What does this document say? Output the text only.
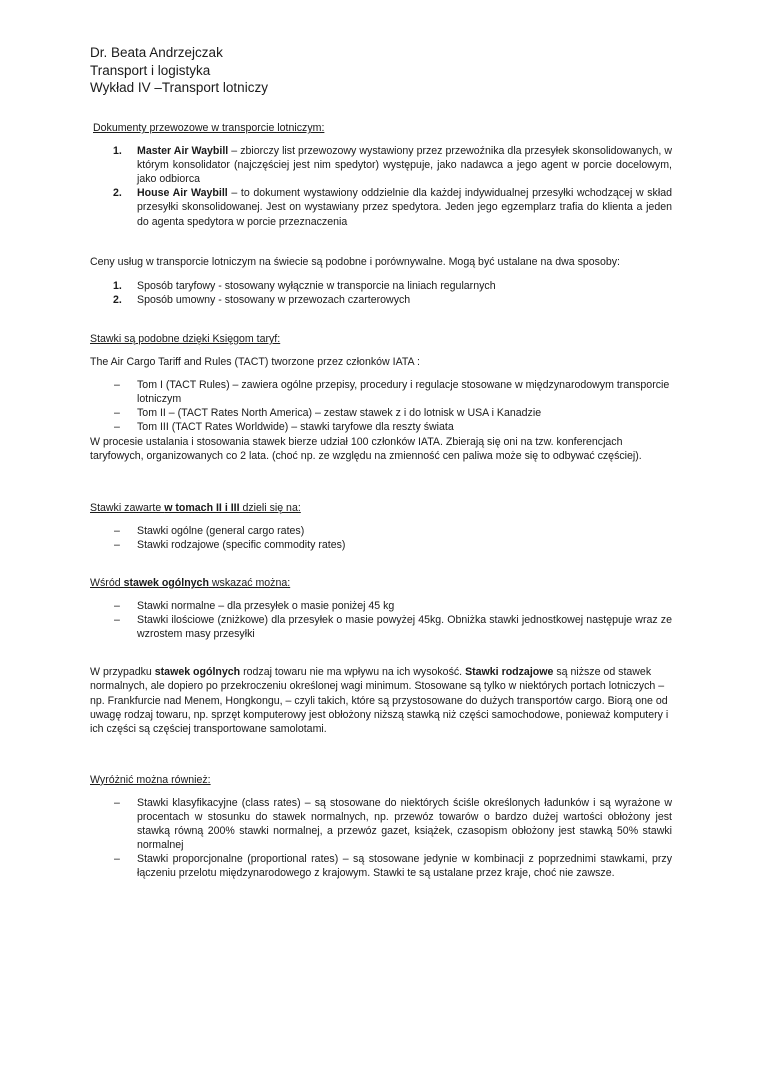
Dr. Beata Andrzejczak
Transport i logistyka
Wykład IV –Transport lotniczy

Dokumenty przewozowe w transporcie lotniczym:

1. Master Air Waybill – zbiorczy list przewozowy wystawiony przez przewoźnika dla przesyłek skonsolidowanych, w którym konsolidator (najczęściej jest nim spedytor) występuje, jako nadawca a jego agent w porcie docelowym, jako odbiorca
2. House Air Waybill – to dokument wystawiony oddzielnie dla każdej indywidualnej przesyłki wchodzącej w skład przesyłki skonsolidowanej. Jest on wystawiany przez spedytora. Jeden jego egzemplarz trafia do klienta a jeden do agenta spedytora w porcie przeznaczenia

Ceny usług w transporcie lotniczym na świecie są podobne i porównywalne. Mogą być ustalane na dwa sposoby:

1. Sposób taryfowy - stosowany wyłącznie w transporcie na liniach regularnych
2. Sposób umowny - stosowany w przewozach czarterowych

Stawki są podobne dzięki Księgom taryf:

The Air Cargo Tariff and Rules (TACT) tworzone przez członków IATA :

– Tom I (TACT Rules) – zawiera ogólne przepisy, procedury i regulacje stosowane w międzynarodowym transporcie lotniczym
– Tom II – (TACT Rates North America) – zestaw stawek z i do lotnisk w USA i Kanadzie
– Tom III (TACT Rates Worldwide) – stawki taryfowe dla reszty świata

W procesie ustalania i stosowania stawek bierze udział 100 członków IATA. Zbierają się oni na tzw. konferencjach taryfowych, organizowanych co 2 lata. (choć np. ze względu na zmienność cen paliwa może się to odbywać częściej).

Stawki zawarte w tomach II i III dzieli się na:

– Stawki ogólne (general cargo rates)
– Stawki rodzajowe (specific commodity rates)

Wśród stawek ogólnych wskazać można:

– Stawki normalne – dla przesyłek o masie poniżej 45 kg
– Stawki ilościowe (zniżkowe) dla przesyłek o masie powyżej 45kg. Obniżka stawki jednostkowej następuje wraz ze wzrostem masy przesyłki

W przypadku stawek ogólnych rodzaj towaru nie ma wpływu na ich wysokość. Stawki rodzajowe są niższe od stawek normalnych, ale dopiero po przekroczeniu określonej wagi minimum. Stosowane są tylko w niektórych portach lotniczych – np. Frankfurcie nad Menem, Hongkongu, – czyli takich, które są przystosowane do dużych transportów cargo. Biorą one od uwagę rodzaj towaru, np. sprzęt komputerowy jest obłożony niższą stawką niż części samochodowe, ponieważ komputery i ich części są częściej transportowane samolotami.

Wyróżnić można również:

– Stawki klasyfikacyjne (class rates) – są stosowane do niektórych ściśle określonych ładunków i są wyrażone w procentach w stosunku do stawek normalnych, np. przewóz towarów o bardzo dużej wartości obłożony jest stawką równą 200% stawki normalnej, a przewóz gazet, książek, czasopism obłożony jest stawką 50% stawki normalnej
– Stawki proporcjonalne (proportional rates) – są stosowane jedynie w kombinacji z poprzednimi stawkami, przy łączeniu przelotu międzynarodowego z krajowym. Stawki te są ustalane przez kraje, choć nie zawsze.
